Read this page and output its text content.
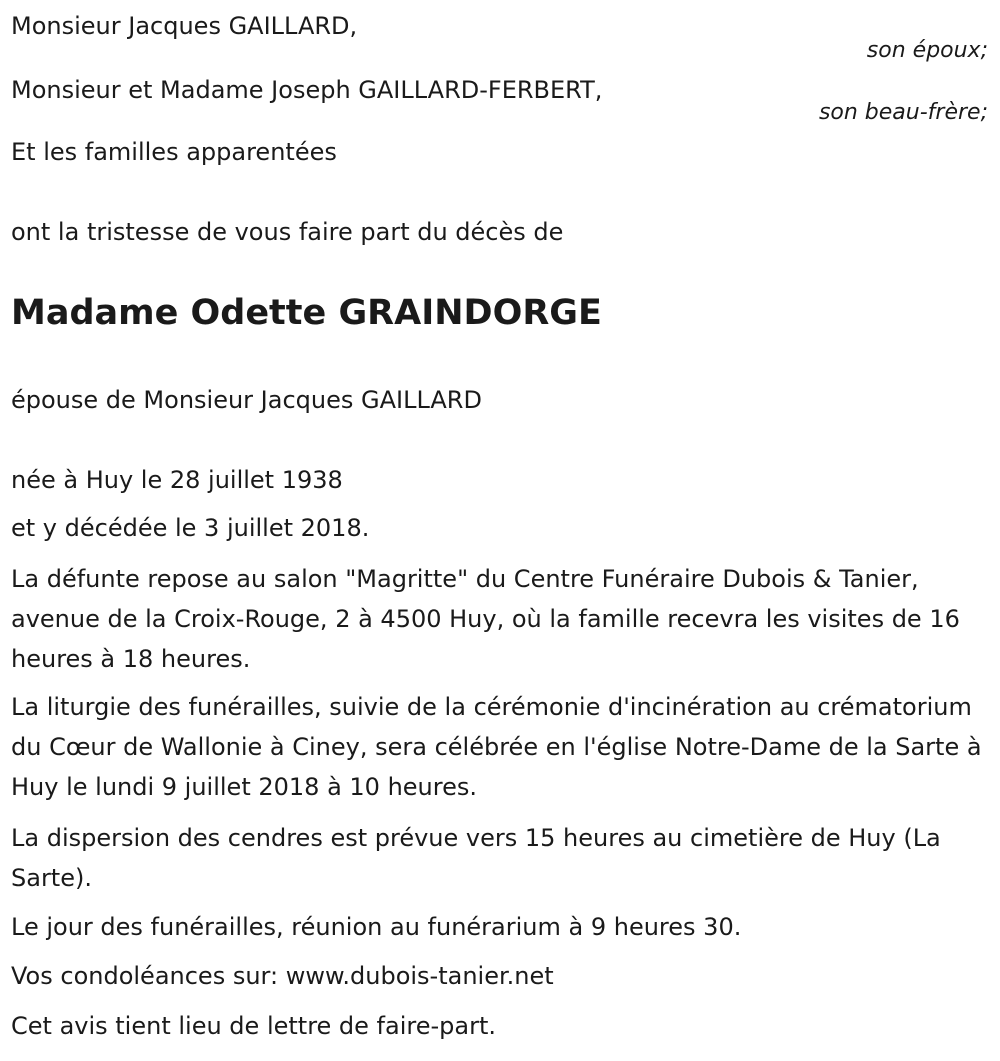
Monsieur Jacques GAILLARD,
son époux;
Monsieur et Madame Joseph GAILLARD-FERBERT,
son beau-frère;
Et les familles apparentées
ont la tristesse de vous faire part du décès de
Madame Odette GRAINDORGE
épouse de Monsieur Jacques GAILLARD
née à Huy le 28 juillet 1938
et y décédée le 3 juillet 2018.
La défunte repose au salon "Magritte" du Centre Funéraire Dubois & Tanier, avenue de la Croix-Rouge, 2 à 4500 Huy, où la famille recevra les visites de 16 heures à 18 heures.
La liturgie des funérailles, suivie de la cérémonie d'incinération au crématorium du Cœur de Wallonie à Ciney, sera célébrée en l'église Notre-Dame de la Sarte à Huy le lundi 9 juillet 2018 à 10 heures.
La dispersion des cendres est prévue vers 15 heures au cimetière de Huy (La Sarte).
Le jour des funérailles, réunion au funérarium à 9 heures 30.
Vos condoléances sur: www.dubois-tanier.net
Cet avis tient lieu de lettre de faire-part.
